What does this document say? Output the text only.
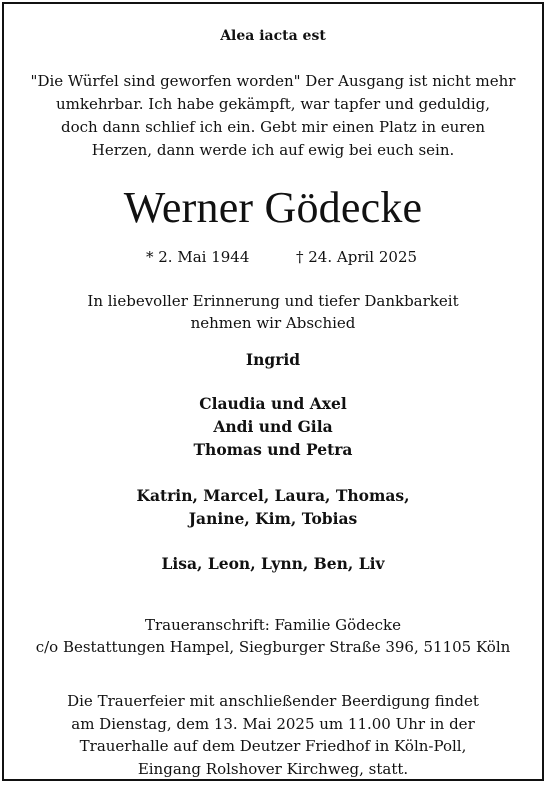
Alea iacta est
"Die Würfel sind geworfen worden" Der Ausgang ist nicht mehr
umkehrbar. Ich habe gekämpft, war tapfer und geduldig,
doch dann schlief ich ein. Gebt mir einen Platz in euren
Herzen, dann werde ich auf ewig bei euch sein.
Werner Gödecke
* 2. Mai 1944	† 24. April 2025
In liebevoller Erinnerung und tiefer Dankbarkeit
nehmen wir Abschied
Ingrid
Claudia und Axel
Andi und Gila
Thomas und Petra
Katrin, Marcel, Laura, Thomas,
Janine, Kim, Tobias
Lisa, Leon, Lynn, Ben, Liv
Traueranschrift: Familie Gödecke
c/o Bestattungen Hampel, Siegburger Straße 396, 51105 Köln
Die Trauerfeier mit anschließender Beerdigung findet
am Dienstag, dem 13. Mai 2025 um 11.00 Uhr in der
Trauerhalle auf dem Deutzer Friedhof in Köln-Poll,
Eingang Rolshover Kirchweg, statt.
